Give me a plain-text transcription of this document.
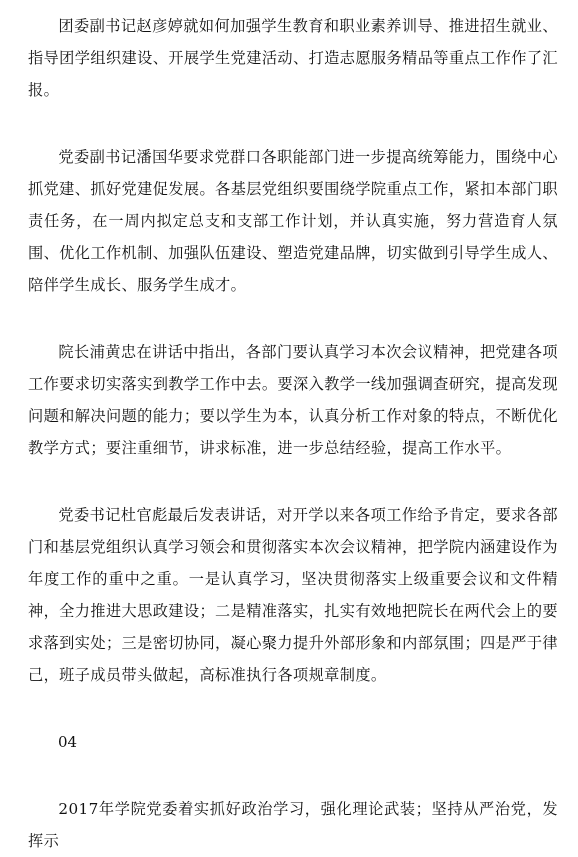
团委副书记赵彦婷就如何加强学生教育和职业素养训导、推进招生就业、指导团学组织建设、开展学生党建活动、打造志愿服务精品等重点工作作了汇报。

党委副书记潘国华要求党群口各职能部门进一步提高统筹能力，围绕中心抓党建、抓好党建促发展。各基层党组织要围绕学院重点工作，紧扣本部门职责任务，在一周内拟定总支和支部工作计划，并认真实施，努力营造育人氛围、优化工作机制、加强队伍建设、塑造党建品牌，切实做到引导学生成人、陪伴学生成长、服务学生成才。

院长浦黄忠在讲话中指出，各部门要认真学习本次会议精神，把党建各项工作要求切实落实到教学工作中去。要深入教学一线加强调查研究，提高发现问题和解决问题的能力；要以学生为本，认真分析工作对象的特点，不断优化教学方式；要注重细节，讲求标准，进一步总结经验，提高工作水平。

党委书记杜官彪最后发表讲话，对开学以来各项工作给予肯定，要求各部门和基层党组织认真学习领会和贯彻落实本次会议精神，把学院内涵建设作为年度工作的重中之重。一是认真学习，坚决贯彻落实上级重要会议和文件精神，全力推进大思政建设；二是精准落实，扎实有效地把院长在两代会上的要求落到实处；三是密切协同，凝心聚力提升外部形象和内部氛围；四是严于律己，班子成员带头做起，高标准执行各项规章制度。

04

2017年学院党委着实抓好政治学习，强化理论武装；坚持从严治党，发挥示
